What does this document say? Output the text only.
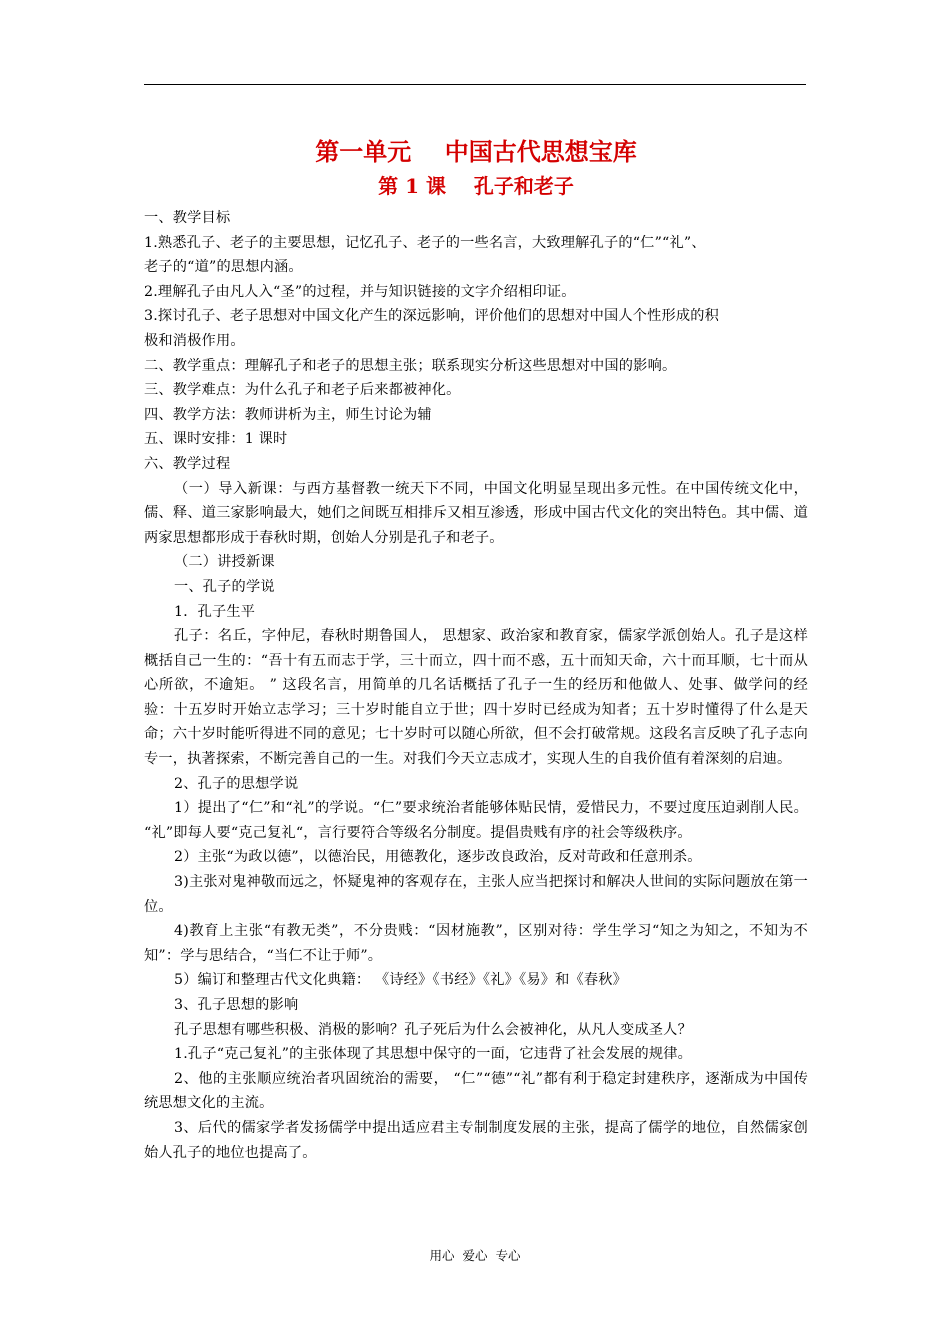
第一单元    中国古代思想宝库
第 1 课    孔子和老子

一、教学目标

1.熟悉孔子、老子的主要思想，记忆孔子、老子的一些名言，大致理解孔子的“仁”“礼”、

老子的“道”的思想内涵。

2.理解孔子由凡人入“圣”的过程，并与知识链接的文字介绍相印证。

3.探讨孔子、老子思想对中国文化产生的深远影响，评价他们的思想对中国人个性形成的积

极和消极作用。

二、教学重点：理解孔子和老子的思想主张；联系现实分析这些思想对中国的影响。

三、教学难点：为什么孔子和老子后来都被神化。

四、教学方法：教师讲析为主，师生讨论为辅

五、课时安排：1 课时

六、教学过程

（一）导入新课：与西方基督教一统天下不同，中国文化明显呈现出多元性。在中国传统文化中，儒、释、道三家影响最大，她们之间既互相排斥又相互渗透，形成中国古代文化的突出特色。其中儒、道两家思想都形成于春秋时期，创始人分别是孔子和老子。

（二）讲授新课

一、孔子的学说

1．孔子生平

孔子：名丘，字仲尼，春秋时期鲁国人， 思想家、政治家和教育家，儒家学派创始人。孔子是这样概括自己一生的：“吾十有五而志于学，三十而立，四十而不惑，五十而知天命，六十而耳顺，七十而从心所欲，不逾矩。 ” 这段名言，用简单的几名话概括了孔子一生的经历和他做人、处事、做学问的经验：十五岁时开始立志学习；三十岁时能自立于世；四十岁时已经成为知者；五十岁时懂得了什么是天命；六十岁时能听得进不同的意见；七十岁时可以随心所欲，但不会打破常规。这段名言反映了孔子志向专一，执著探索，不断完善自己的一生。对我们今天立志成才，实现人生的自我价值有着深刻的启迪。

2、孔子的思想学说

1）提出了“仁”和“礼”的学说。“仁”要求统治者能够体贴民情，爱惜民力，不要过度压迫剥削人民。 “礼”即每人要“克己复礼“，言行要符合等级名分制度。提倡贵贱有序的社会等级秩序。

2）主张“为政以德”，以德治民，用德教化，逐步改良政治，反对苛政和任意刑杀。

3)主张对鬼神敬而远之，怀疑鬼神的客观存在，主张人应当把探讨和解决人世间的实际问题放在第一位。

4)教育上主张“有教无类”，不分贵贱：“因材施教”，区别对待：学生学习“知之为知之，不知为不知”：学与思结合，“当仁不让于师”。

5）编订和整理古代文化典籍： 《诗经》《书经》《礼》《易》和《春秋》

3、孔子思想的影响

孔子思想有哪些积极、消极的影响？孔子死后为什么会被神化，从凡人变成圣人？

1.孔子“克己复礼”的主张体现了其思想中保守的一面，它违背了社会发展的规律。

2、他的主张顺应统治者巩固统治的需要， “仁”“德”“礼”都有利于稳定封建秩序，逐渐成为中国传统思想文化的主流。

3、后代的儒家学者发扬儒学中提出适应君主专制制度发展的主张，提高了儒学的地位，自然儒家创始人孔子的地位也提高了。

用心  爱心  专心
